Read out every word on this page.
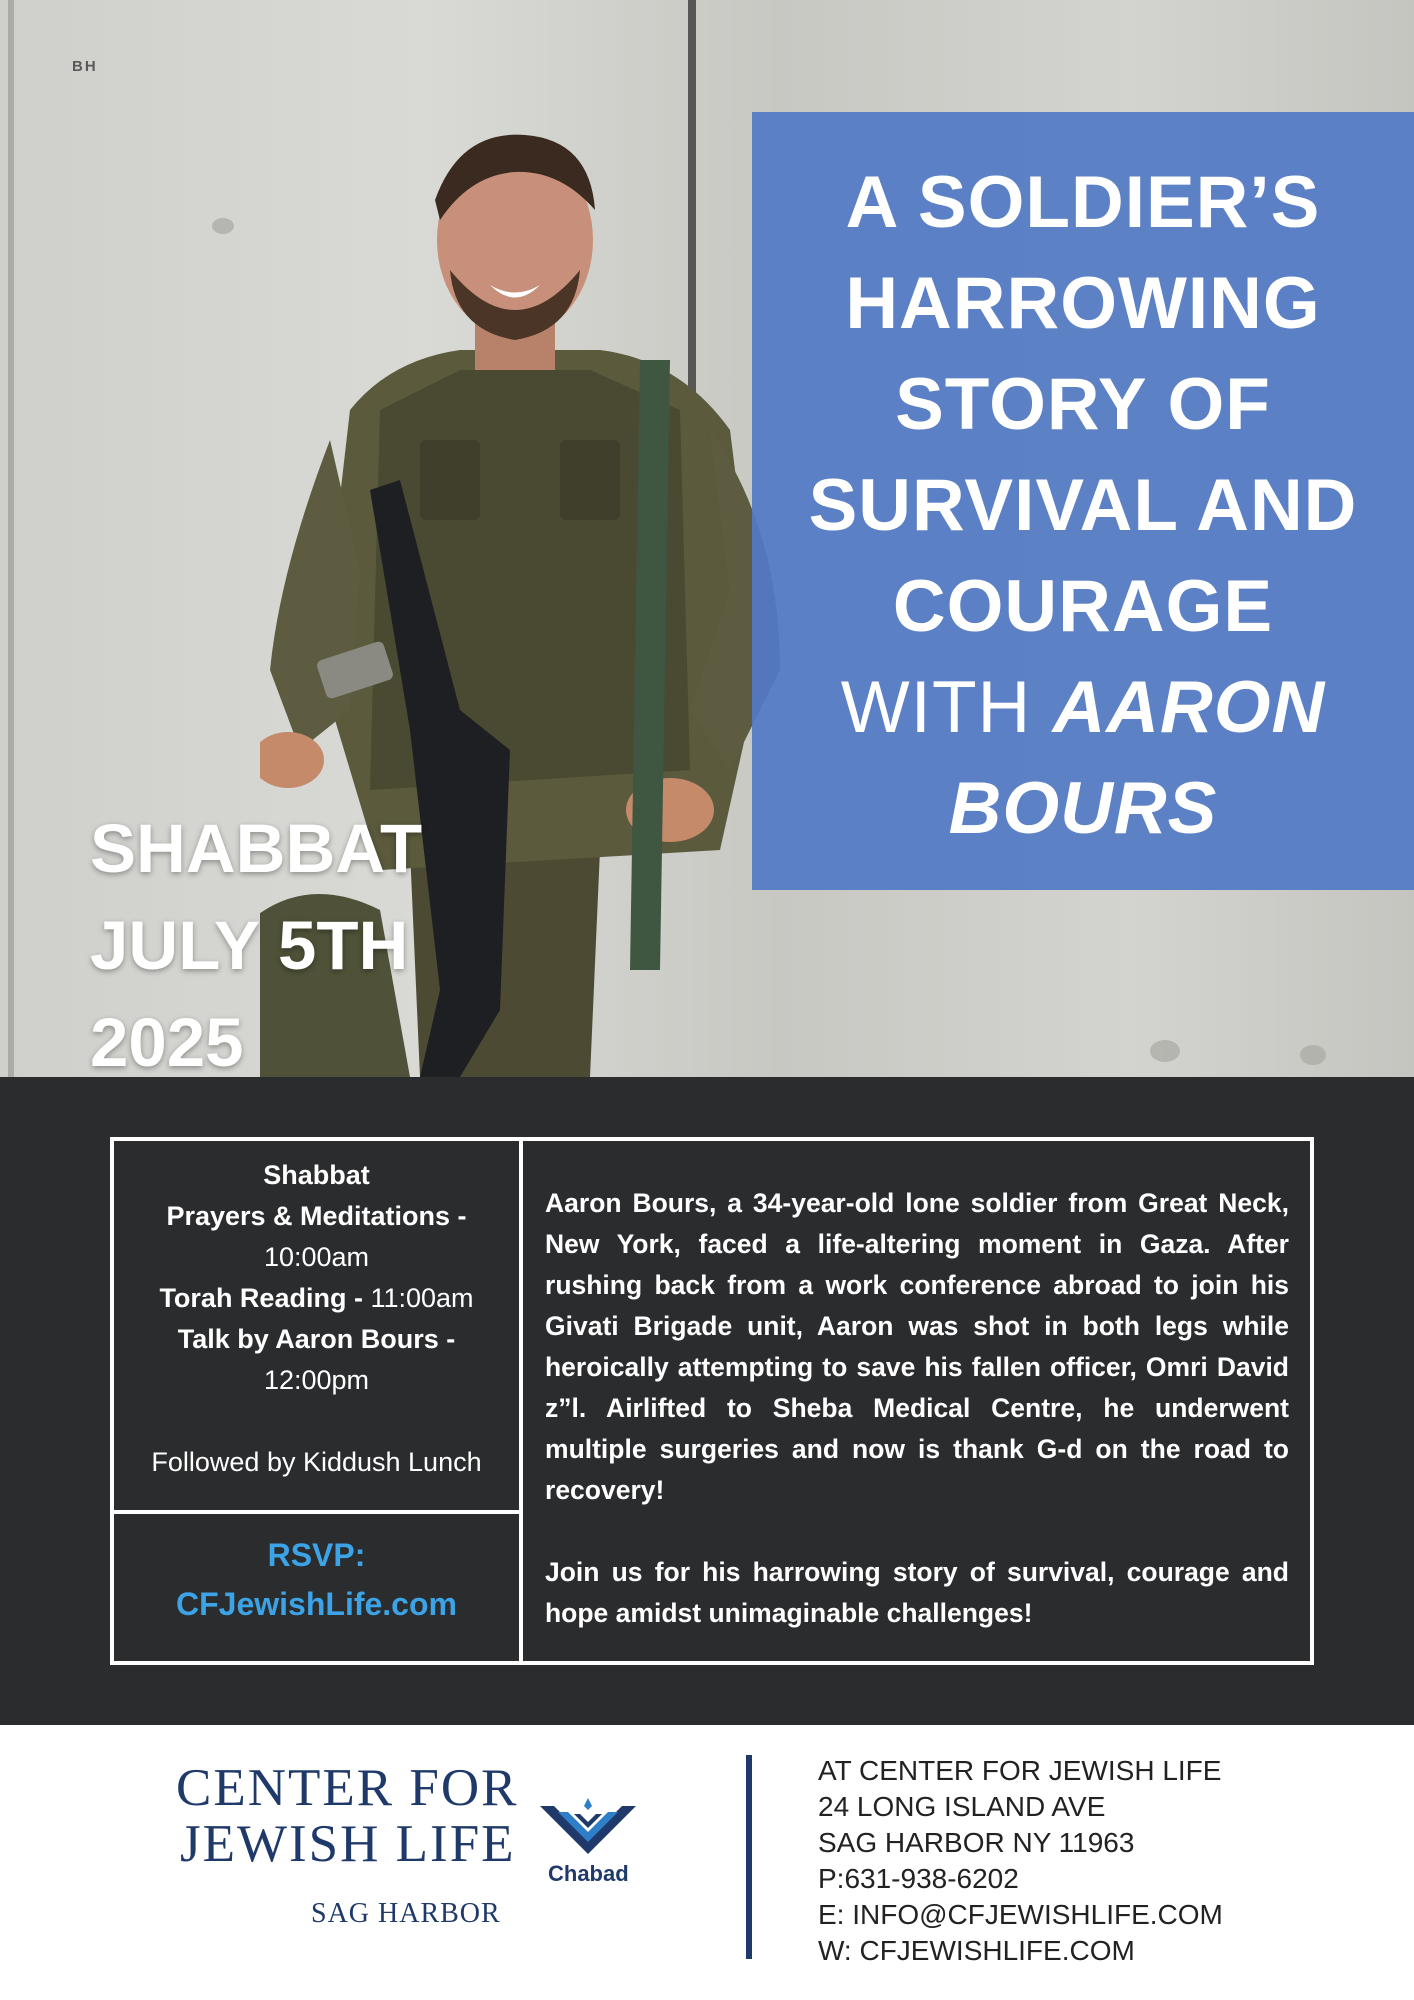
BH
A SOLDIER’S
HARROWING
STORY OF
SURVIVAL AND
COURAGE
WITH AARON
BOURS
SHABBAT
JULY 5TH
2025
Shabbat
Prayers & Meditations -
10:00am
Torah Reading - 11:00am
Talk by Aaron Bours -
12:00pm
Followed by Kiddush Lunch
RSVP:
CFJewishLife.com

Aaron Bours, a 34-year-old lone soldier from Great Neck, New York, faced a life-altering moment in Gaza. After rushing back from a work conference abroad to join his Givati Brigade unit, Aaron was shot in both legs while heroically attempting to save his fallen officer, Omri David z”l. Airlifted to Sheba Medical Centre, he underwent multiple surgeries and now is thank G-d on the road to recovery!

Join us for his harrowing story of survival, courage and hope amidst unimaginable challenges!

CENTER FOR
JEWISH LIFE
SAG HARBOR
Chabad
AT CENTER FOR JEWISH LIFE
24 LONG ISLAND AVE
SAG HARBOR NY 11963
P:631-938-6202
E: INFO@CFJEWISHLIFE.COM
W: CFJEWISHLIFE.COM
